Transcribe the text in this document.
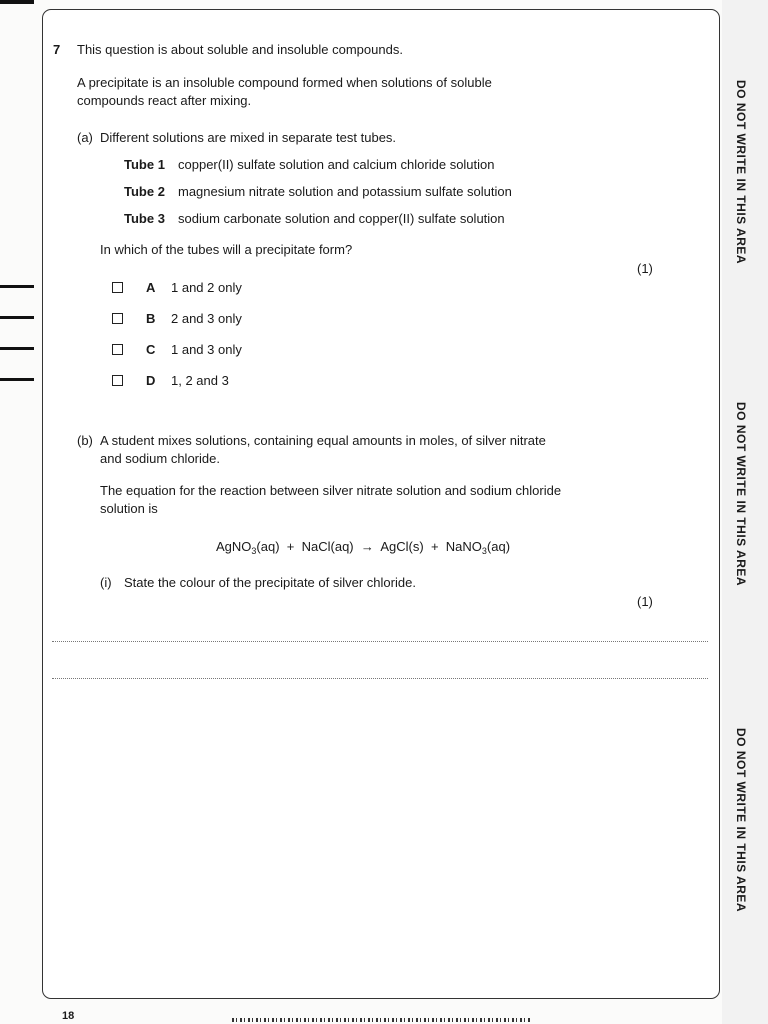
7 This question is about soluble and insoluble compounds.
A precipitate is an insoluble compound formed when solutions of soluble
compounds react after mixing.
(a) Different solutions are mixed in separate test tubes.
Tube 1 copper(II) sulfate solution and calcium chloride solution
Tube 2 magnesium nitrate solution and potassium sulfate solution
Tube 3 sodium carbonate solution and copper(II) sulfate solution
In which of the tubes will a precipitate form?
(1)
A 1 and 2 only
B 2 and 3 only
C 1 and 3 only
D 1, 2 and 3
(b) A student mixes solutions, containing equal amounts in moles, of silver nitrate
and sodium chloride.
The equation for the reaction between silver nitrate solution and sodium chloride
solution is
AgNO$_3$(aq) + NaCl(aq) → AgCl(s) + NaNO$_3$(aq)
(i) State the colour of the precipitate of silver chloride.
(1)
DO NOT WRITE IN THIS AREA
DO NOT WRITE IN THIS AREA
DO NOT WRITE IN THIS AREA
18
